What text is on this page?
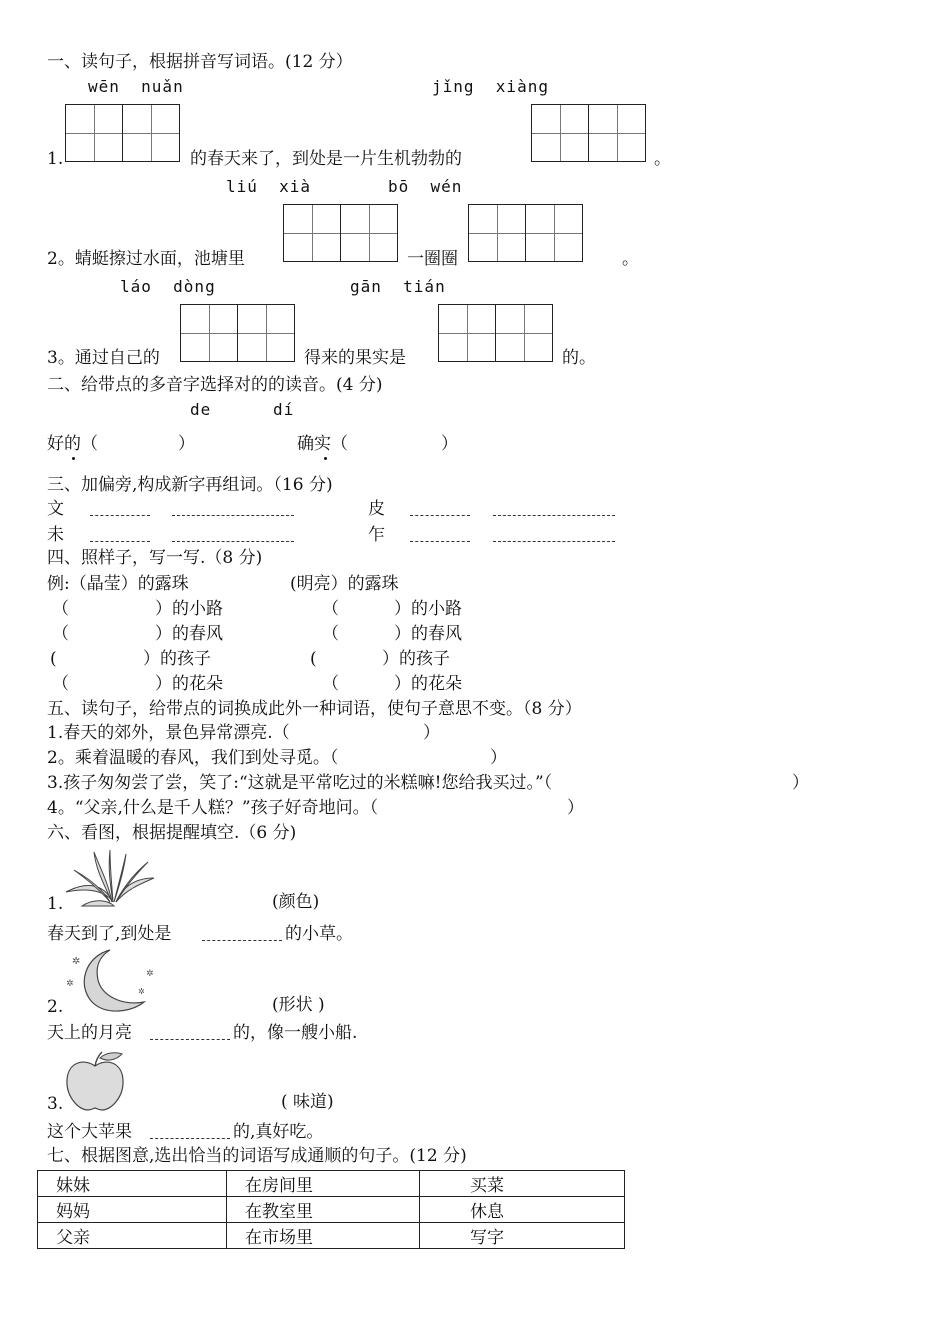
一、读句子，根据拼音写词语。(12 分）
wēn  nuǎn	jǐng  xiàng
1.	的春天来了，到处是一片生机勃勃的	。
liú  xià	bō  wén
2。蜻蜓擦过水面，池塘里	一圈圈	。
láo  dòng	gān  tián
3。通过自己的	得来的果实是	的。
二、给带点的多音字选择对的的读音。(4 分)
de	dí
好的（	）	确实（	）
三、加偏旁,构成新字再组词。（16 分)
文	皮
未	乍
四、照样子，写一写.（8 分)
例:（晶莹）的露珠	(明亮）的露珠
（	）的小路	（	）的小路
（	）的春风	（	）的春风
(	）的孩子	(	）的孩子
（	）的花朵	（	）的花朵
五、读句子，给带点的词换成此外一种词语，使句子意思不变。（8 分）
1.春天的郊外，景色异常漂亮.（	）
2。乘着温暖的春风，我们到处寻觅。（	）
3.孩子匆匆尝了尝，笑了:“这就是平常吃过的米糕嘛!您给我买过。”（	）
4。“父亲,什么是千人糕？”孩子好奇地问。（	）
六、看图，根据提醒填空.（6 分)
1.	(颜色)
春天到了,到处是	的小草。
✲
✲
✲
✲
2.	(形状 )
天上的月亮	的，像一艘小船.
3.	( 味道)
这个大苹果	的,真好吃。
七、根据图意,选出恰当的词语写成通顺的句子。(12 分)
妹妹	在房间里	买菜
妈妈	在教室里	休息
父亲	在市场里	写字
